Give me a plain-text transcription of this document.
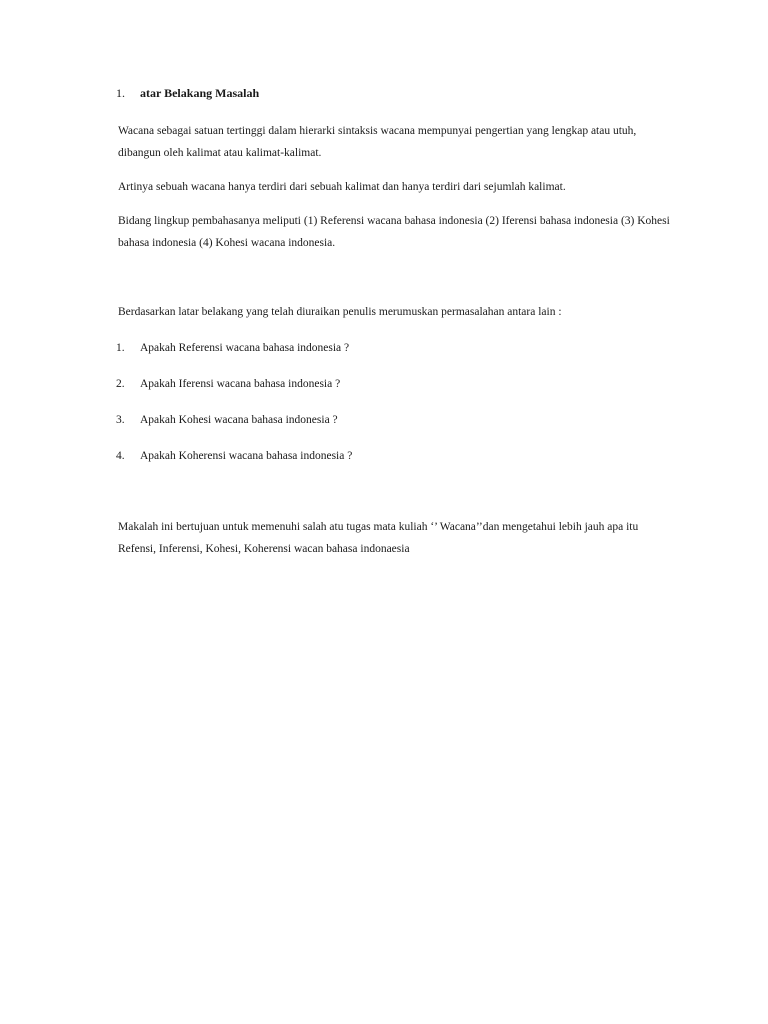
1. atar Belakang Masalah
Wacana sebagai satuan tertinggi dalam hierarki sintaksis wacana mempunyai pengertian yang lengkap atau utuh, dibangun oleh kalimat atau kalimat-kalimat.
Artinya sebuah wacana hanya terdiri dari sebuah kalimat dan hanya terdiri dari sejumlah kalimat.
Bidang lingkup pembahasanya meliputi (1) Referensi wacana bahasa indonesia (2) Iferensi bahasa indonesia (3) Kohesi bahasa indonesia (4) Kohesi wacana indonesia.
Berdasarkan latar belakang yang telah diuraikan penulis merumuskan permasalahan antara lain :
1. Apakah Referensi wacana bahasa indonesia ?
2. Apakah Iferensi wacana bahasa indonesia ?
3. Apakah Kohesi wacana bahasa indonesia ?
4. Apakah Koherensi wacana bahasa indonesia ?
Makalah ini bertujuan untuk memenuhi salah atu tugas mata kuliah ‘’ Wacana’’dan mengetahui lebih jauh apa itu Refensi, Inferensi, Kohesi, Koherensi wacan bahasa indonaesia
